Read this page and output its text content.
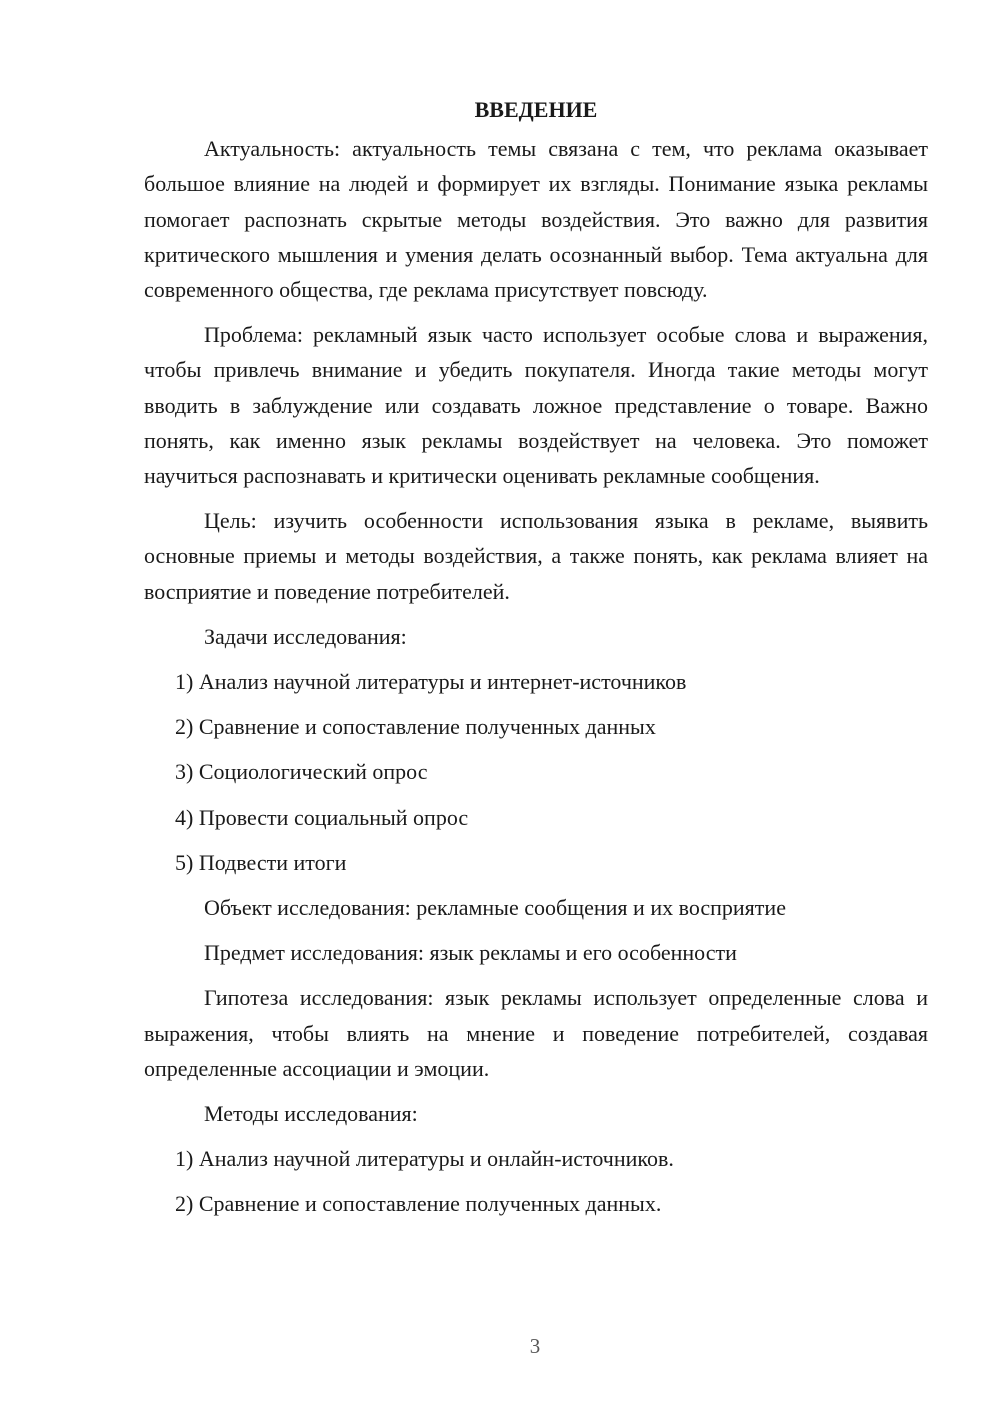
ВВЕДЕНИЕ

Актуальность: актуальность темы связана с тем, что реклама оказывает большое влияние на людей и формирует их взгляды. Понимание языка рекламы помогает распознать скрытые методы воздействия. Это важно для развития критического мышления и умения делать осознанный выбор. Тема актуальна для современного общества, где реклама присутствует повсюду.

Проблема: рекламный язык часто использует особые слова и выражения, чтобы привлечь внимание и убедить покупателя. Иногда такие методы могут вводить в заблуждение или создавать ложное представление о товаре. Важно понять, как именно язык рекламы воздействует на человека. Это поможет научиться распознавать и критически оценивать рекламные сообщения.

Цель: изучить особенности использования языка в рекламе, выявить основные приемы и методы воздействия, а также понять, как реклама влияет на восприятие и поведение потребителей.

Задачи исследования:

1) Анализ научной литературы и интернет-источников

2) Сравнение и сопоставление полученных данных

3) Социологический опрос

4) Провести социальный опрос

5) Подвести итоги

Объект исследования: рекламные сообщения и их восприятие

Предмет исследования: язык рекламы и его особенности

Гипотеза исследования: язык рекламы использует определенные слова и выражения, чтобы влиять на мнение и поведение потребителей, создавая определенные ассоциации и эмоции.

Методы исследования:

1) Анализ научной литературы и онлайн-источников.

2) Сравнение и сопоставление полученных данных.

3
